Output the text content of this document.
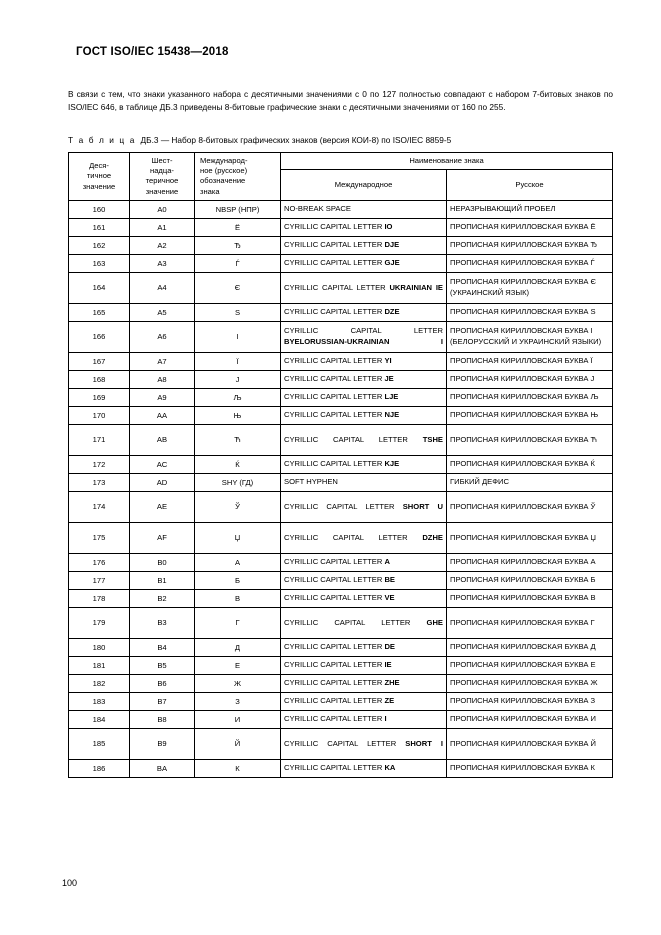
ГОСТ ISO/IEC 15438—2018
В связи с тем, что знаки указанного набора с десятичными значениями с 0 по 127 полностью совпадают с набором 7-битовых знаков по ISO/IEC 646, в таблице ДБ.3 приведены 8-битовые графические знаки с десятичными значениями от 160 по 255.
Т а б л и ц а ДБ.3 — Набор 8-битовых графических знаков (версия КОИ-8) по ISO/IEC 8859-5
Деся-
тичное
значение	Шест-
надца-
теричное
значение	Международ-
ное (русское)
обозначение
знака	Наименование знака	
			Международное	Русское
160	A0	NBSP (НПР)	NO-BREAK SPACE	НЕРАЗРЫВАЮЩИЙ ПРОБЕЛ
161	A1	Ё	CYRILLIC CAPITAL LETTER IO	ПРОПИСНАЯ КИРИЛЛОВСКАЯ БУКВА Ё
162	A2	Ђ	CYRILLIC CAPITAL LETTER DJE	ПРОПИСНАЯ КИРИЛЛОВСКАЯ БУКВА Ђ
163	A3	Ѓ	CYRILLIC CAPITAL LETTER GJE	ПРОПИСНАЯ КИРИЛЛОВСКАЯ БУКВА Ѓ
164	A4	Є	CYRILLIC CAPITAL LETTER UKRAINIAN IE	ПРОПИСНАЯ КИРИЛЛОВСКАЯ БУКВА Є (УКРАИНСКИЙ ЯЗЫК)
165	A5	S	CYRILLIC CAPITAL LETTER DZE	ПРОПИСНАЯ КИРИЛЛОВСКАЯ БУКВА S
166	A6	I	CYRILLIC CAPITAL LETTER BYELORUSSIAN-UKRAINIAN I	ПРОПИСНАЯ КИРИЛЛОВСКАЯ БУКВА I (БЕЛОРУССКИЙ И УКРАИНСКИЙ ЯЗЫКИ)
167	A7	Ї	CYRILLIC CAPITAL LETTER YI	ПРОПИСНАЯ КИРИЛЛОВСКАЯ БУКВА Ї
168	A8	J	CYRILLIC CAPITAL LETTER JE	ПРОПИСНАЯ КИРИЛЛОВСКАЯ БУКВА J
169	A9	Љ	CYRILLIC CAPITAL LETTER LJE	ПРОПИСНАЯ КИРИЛЛОВСКАЯ БУКВА Љ
170	AA	Њ	CYRILLIC CAPITAL LETTER NJE	ПРОПИСНАЯ КИРИЛЛОВСКАЯ БУКВА Њ
171	AB	Ћ	CYRILLIC CAPITAL LETTER TSHE	ПРОПИСНАЯ КИРИЛЛОВСКАЯ БУКВА Ћ
172	AC	Ќ	CYRILLIC CAPITAL LETTER KJE	ПРОПИСНАЯ КИРИЛЛОВСКАЯ БУКВА Ќ
173	AD	SHY (ГД)	SOFT HYPHEN	ГИБКИЙ ДЕФИС
174	AE	Ў	CYRILLIC CAPITAL LETTER SHORT U	ПРОПИСНАЯ КИРИЛЛОВСКАЯ БУКВА Ў
175	AF	Џ	CYRILLIC CAPITAL LETTER DZHE	ПРОПИСНАЯ КИРИЛЛОВСКАЯ БУКВА Џ
176	B0	А	CYRILLIC CAPITAL LETTER A	ПРОПИСНАЯ КИРИЛЛОВСКАЯ БУКВА А
177	B1	Б	CYRILLIC CAPITAL LETTER BE	ПРОПИСНАЯ КИРИЛЛОВСКАЯ БУКВА Б
178	B2	В	CYRILLIC CAPITAL LETTER VE	ПРОПИСНАЯ КИРИЛЛОВСКАЯ БУКВА В
179	B3	Г	CYRILLIC CAPITAL LETTER GHE	ПРОПИСНАЯ КИРИЛЛОВСКАЯ БУКВА Г
180	B4	Д	CYRILLIC CAPITAL LETTER DE	ПРОПИСНАЯ КИРИЛЛОВСКАЯ БУКВА Д
181	B5	Е	CYRILLIC CAPITAL LETTER IE	ПРОПИСНАЯ КИРИЛЛОВСКАЯ БУКВА Е
182	B6	Ж	CYRILLIC CAPITAL LETTER ZHE	ПРОПИСНАЯ КИРИЛЛОВСКАЯ БУКВА Ж
183	B7	З	CYRILLIC CAPITAL LETTER ZE	ПРОПИСНАЯ КИРИЛЛОВСКАЯ БУКВА З
184	B8	И	CYRILLIC CAPITAL LETTER I	ПРОПИСНАЯ КИРИЛЛОВСКАЯ БУКВА И
185	B9	Й	CYRILLIC CAPITAL LETTER SHORT I	ПРОПИСНАЯ КИРИЛЛОВСКАЯ БУКВА Й
186	BA	К	CYRILLIC CAPITAL LETTER KA	ПРОПИСНАЯ КИРИЛЛОВСКАЯ БУКВА К
100
